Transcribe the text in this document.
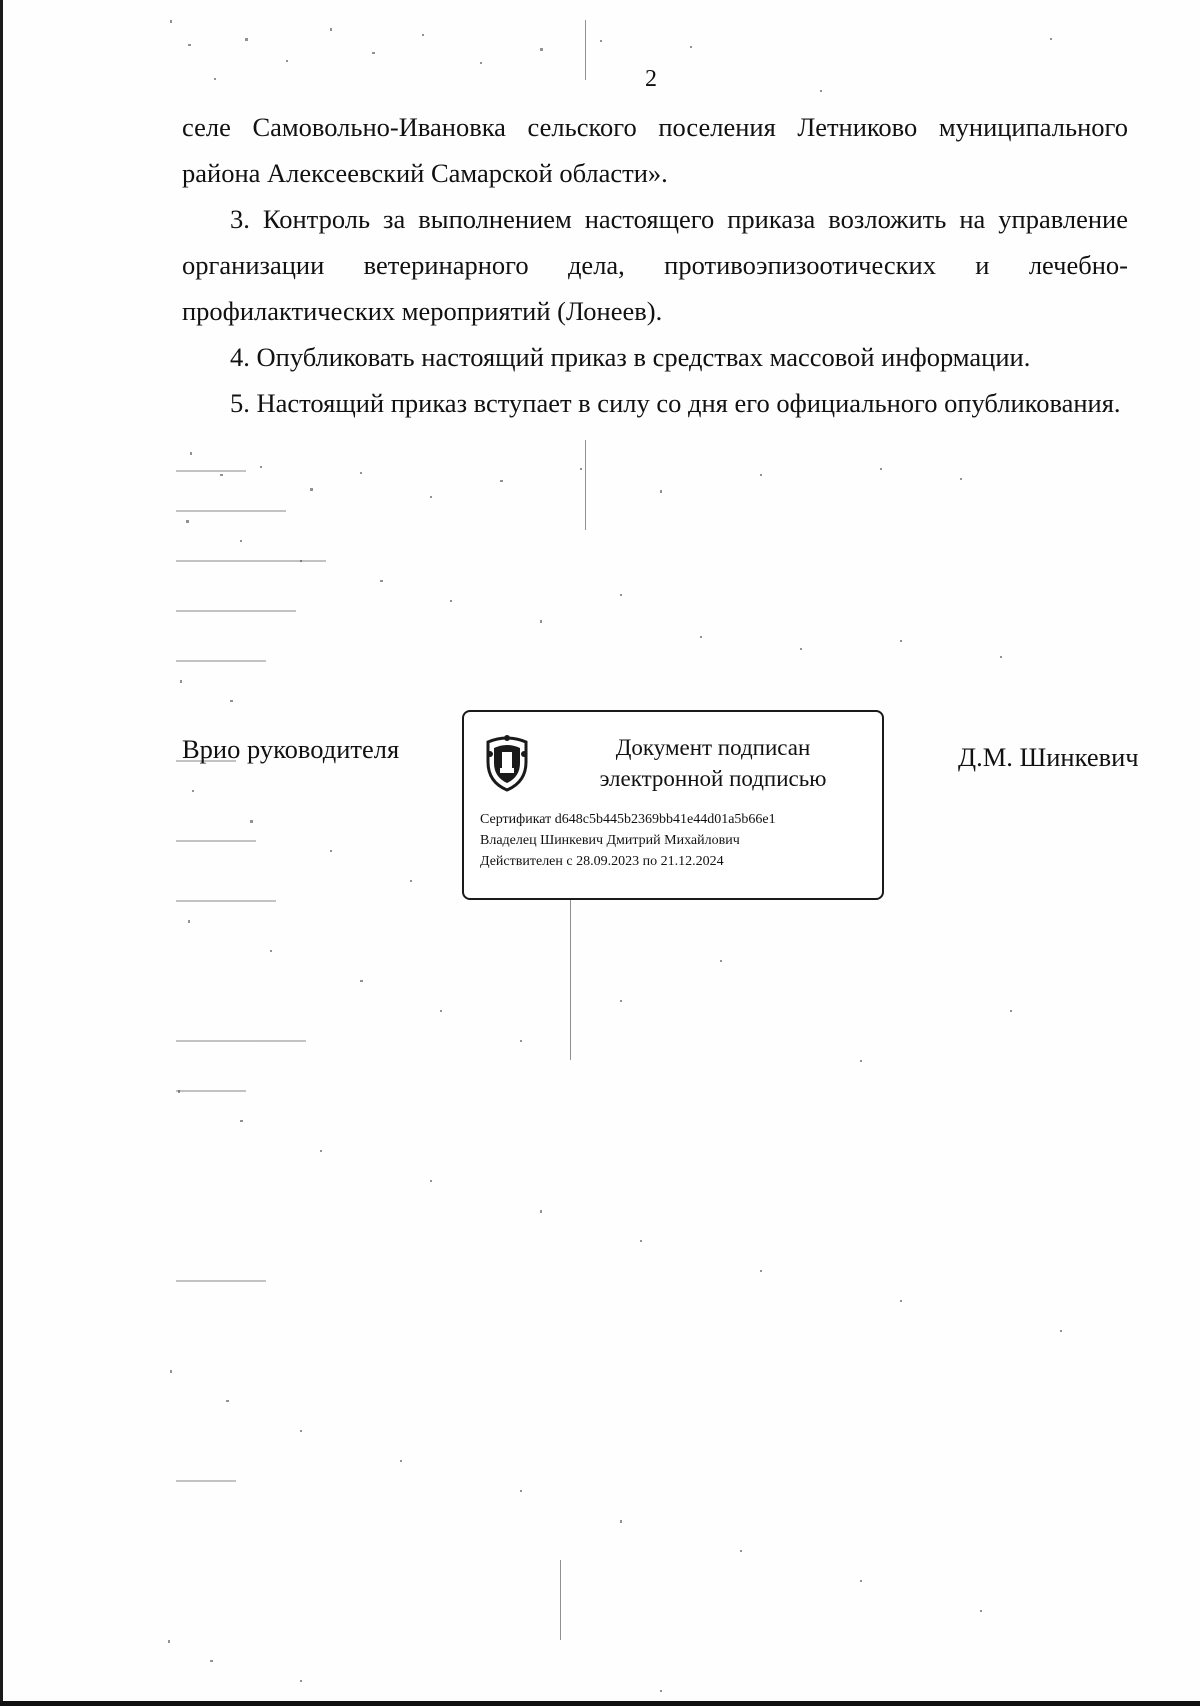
2

селе Самовольно-Ивановка сельского поселения Летниково муниципального района Алексеевский Самарской области».

3. Контроль за выполнением настоящего приказа возложить на управление организации ветеринарного дела, противоэпизоотических и лечебно-профилактических мероприятий (Лонеев).

4. Опубликовать настоящий приказ в средствах массовой информации.

5. Настоящий приказ вступает в силу со дня его официального опубликования.

Врио руководителя	Документ подписан
электронной подписью
Сертификат d648c5b445b2369bb41e44d01a5b66e1
Владелец Шинкевич Дмитрий Михайлович
Действителен с 28.09.2023 по 21.12.2024
Д.М. Шинкевич
